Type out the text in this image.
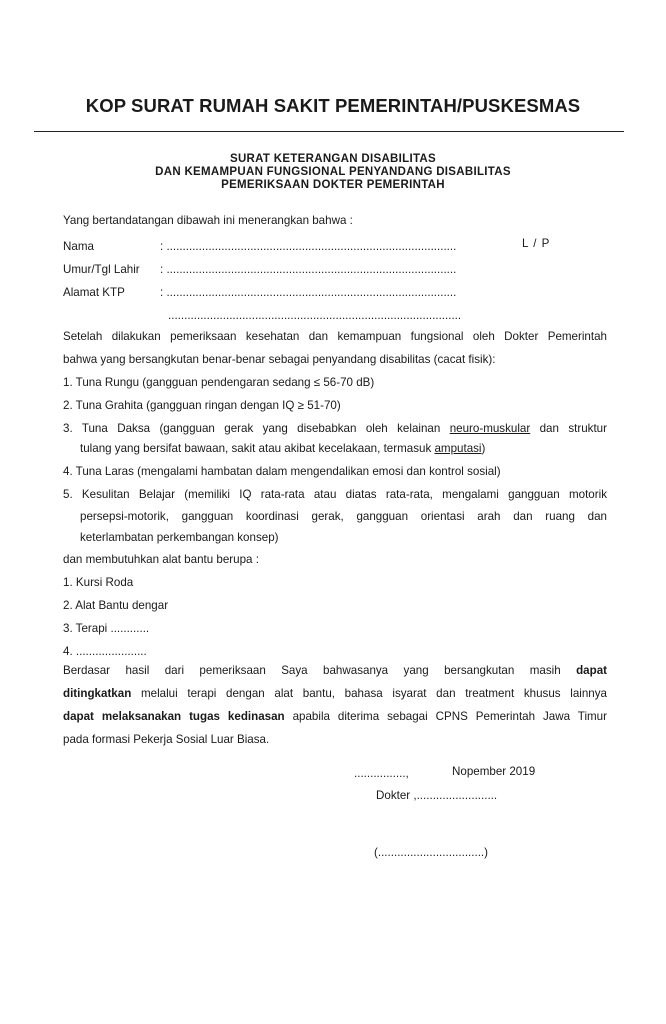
KOP SURAT RUMAH SAKIT PEMERINTAH/PUSKESMAS
SURAT KETERANGAN DISABILITAS
DAN KEMAMPUAN FUNGSIONAL PENYANDANG DISABILITAS
PEMERIKSAAN DOKTER PEMERINTAH
Yang bertandatangan dibawah ini menerangkan bahwa :
Nama	: ..........................................................................................	L / P
Umur/Tgl Lahir : ..........................................................................................
Alamat KTP	: ..........................................................................................
...........................................................................................
Setelah dilakukan pemeriksaan kesehatan dan kemampuan fungsional oleh Dokter Pemerintah
bahwa yang bersangkutan benar-benar sebagai penyandang disabilitas (cacat fisik):
1. Tuna Rungu (gangguan pendengaran sedang ≤ 56-70 dB)
2. Tuna Grahita (gangguan ringan dengan IQ ≥ 51-70)
3. Tuna Daksa (gangguan gerak yang disebabkan oleh kelainan neuro-muskular dan struktur
tulang yang bersifat bawaan, sakit atau akibat kecelakaan, termasuk amputasi)
4. Tuna Laras (mengalami hambatan dalam mengendalikan emosi dan kontrol sosial)
5. Kesulitan Belajar (memiliki IQ rata-rata atau diatas rata-rata, mengalami gangguan motorik
persepsi-motorik, gangguan koordinasi gerak, gangguan orientasi arah dan ruang dan
keterlambatan perkembangan konsep)
dan membutuhkan alat bantu berupa :
1. Kursi Roda
2. Alat Bantu dengar
3. Terapi ............
4. ......................
Berdasar hasil dari pemeriksaan Saya bahwasanya yang bersangkutan masih dapat
ditingkatkan melalui terapi dengan alat bantu, bahasa isyarat dan treatment khusus lainnya
dapat melaksanakan tugas kedinasan apabila diterima sebagai CPNS Pemerintah Jawa Timur
pada formasi Pekerja Sosial Luar Biasa.
................,	Nopember 2019
Dokter ,.........................
(.................................)
